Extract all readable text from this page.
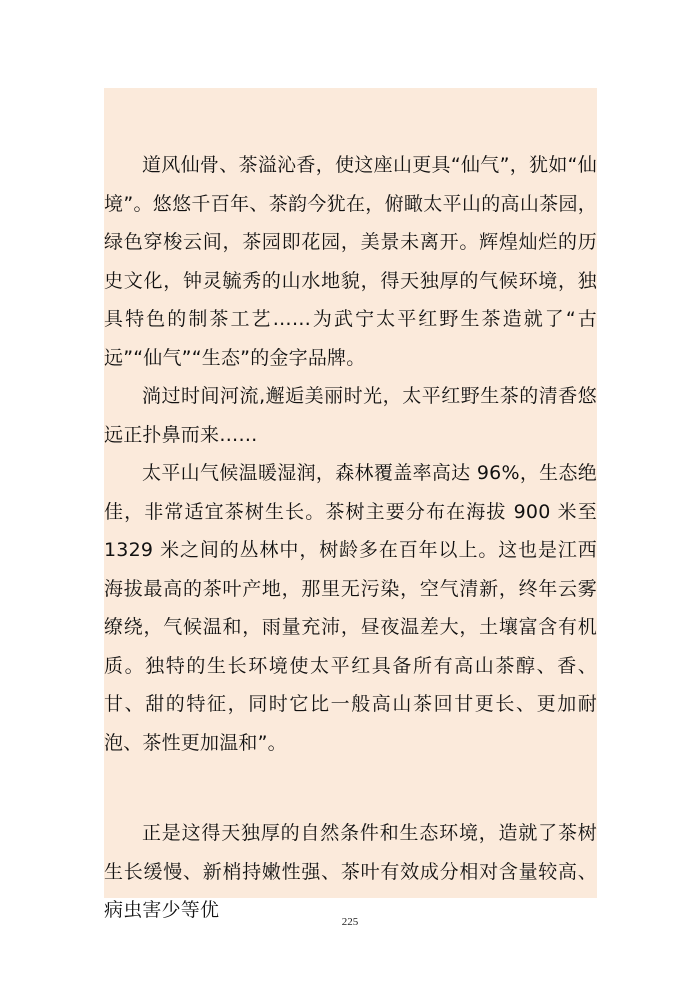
道风仙骨、茶溢沁香，使这座山更具“仙气”，犹如“仙境”。悠悠千百年、茶韵今犹在，俯瞰太平山的高山茶园，绿色穿梭云间，茶园即花园，美景未离开。辉煌灿烂的历史文化，钟灵毓秀的山水地貌，得天独厚的气候环境，独具特色的制茶工艺……为武宁太平红野生茶造就了“古远”“仙气”“生态”的金字品牌。

淌过时间河流,邂逅美丽时光，太平红野生茶的清香悠远正扑鼻而来……

太平山气候温暖湿润，森林覆盖率高达 96%，生态绝佳，非常适宜茶树生长。茶树主要分布在海拔 900 米至 1329 米之间的丛林中，树龄多在百年以上。这也是江西海拔最高的茶叶产地，那里无污染，空气清新，终年云雾缭绕，气候温和，雨量充沛，昼夜温差大，土壤富含有机质。独特的生长环境使太平红具备所有高山茶醇、香、甘、甜的特征，同时它比一般高山茶回甘更长、更加耐泡、茶性更加温和”。

正是这得天独厚的自然条件和生态环境，造就了茶树生长缓慢、新梢持嫩性强、茶叶有效成分相对含量较高、病虫害少等优

225
